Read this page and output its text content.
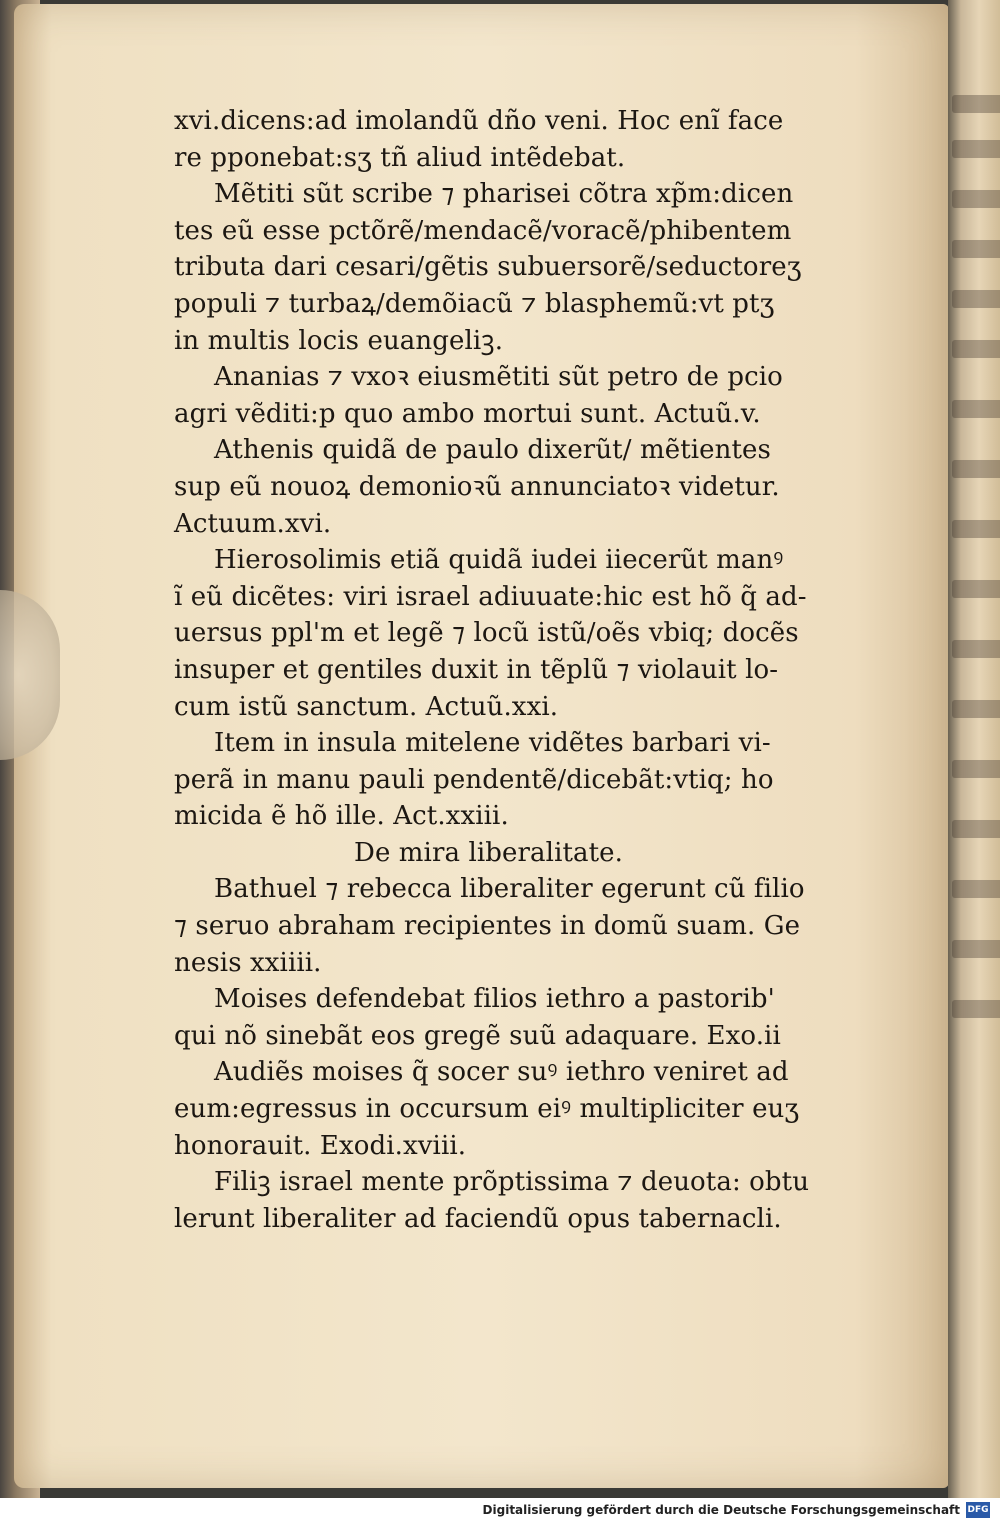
xvi.dicens:ad imolandũ dño veni. Hoc enĩ face
re pponebat:sʒ tñ aliud intẽdebat.
Mẽtiti sũt scribe ⁊ pharisei cõtra xp̃m:dicen
tes eũ esse pctõrẽ/mendacẽ/voracẽ/phibentem
tributa dari cesari/gẽtis subuersorẽ/seductoreʒ
populi ⁊ turbaꝝ/demõiacũ ⁊ blasphemũ:vt ptʒ
in multis locis euangeliꝫ.
Ananias ⁊ vxoꝛ eiusmẽtiti sũt petro de pcio
agri vẽditi:p quo ambo mortui sunt. Actuũ.v.
Athenis quidã de paulo dixerũt/ mẽtientes
sup eũ nouoꝝ demonioꝛũ annunciatoꝛ videtur.
Actuum.xvi.
Hierosolimis etiã quidã iudei iiecerũt manꝰ
ĩ eũ dicẽtes: viri israel adiuuate:hic est hõ q̃ ad-
uersus ppl'm et legẽ ⁊ locũ istũ/oẽs vbiq; docẽs
insuper et gentiles duxit in tẽplũ ⁊ violauit lo-
cum istũ sanctum. Actuũ.xxi.
Item in insula mitelene vidẽtes barbari vi-
perã in manu pauli pendentẽ/dicebãt:vtiq; ho
micida ẽ hõ ille. Act.xxiii.
De mira liberalitate.
Bathuel ⁊ rebecca liberaliter egerunt cũ filio
⁊ seruo abraham recipientes in domũ suam. Ge
nesis xxiiii.
Moises defendebat filios iethro a pastorib'
qui nõ sinebãt eos gregẽ suũ adaquare. Exo.ii
Audiẽs moises q̃ socer suꝰ iethro veniret ad
eum:egressus in occursum eiꝰ multipliciter euʒ
honorauit. Exodi.xviii.
Filiꝫ israel mente prõptissima ⁊ deuota: obtu
lerunt liberaliter ad faciendũ opus tabernacli.
Digitalisierung gefördert durch die Deutsche Forschungsgemeinschaft DFG
